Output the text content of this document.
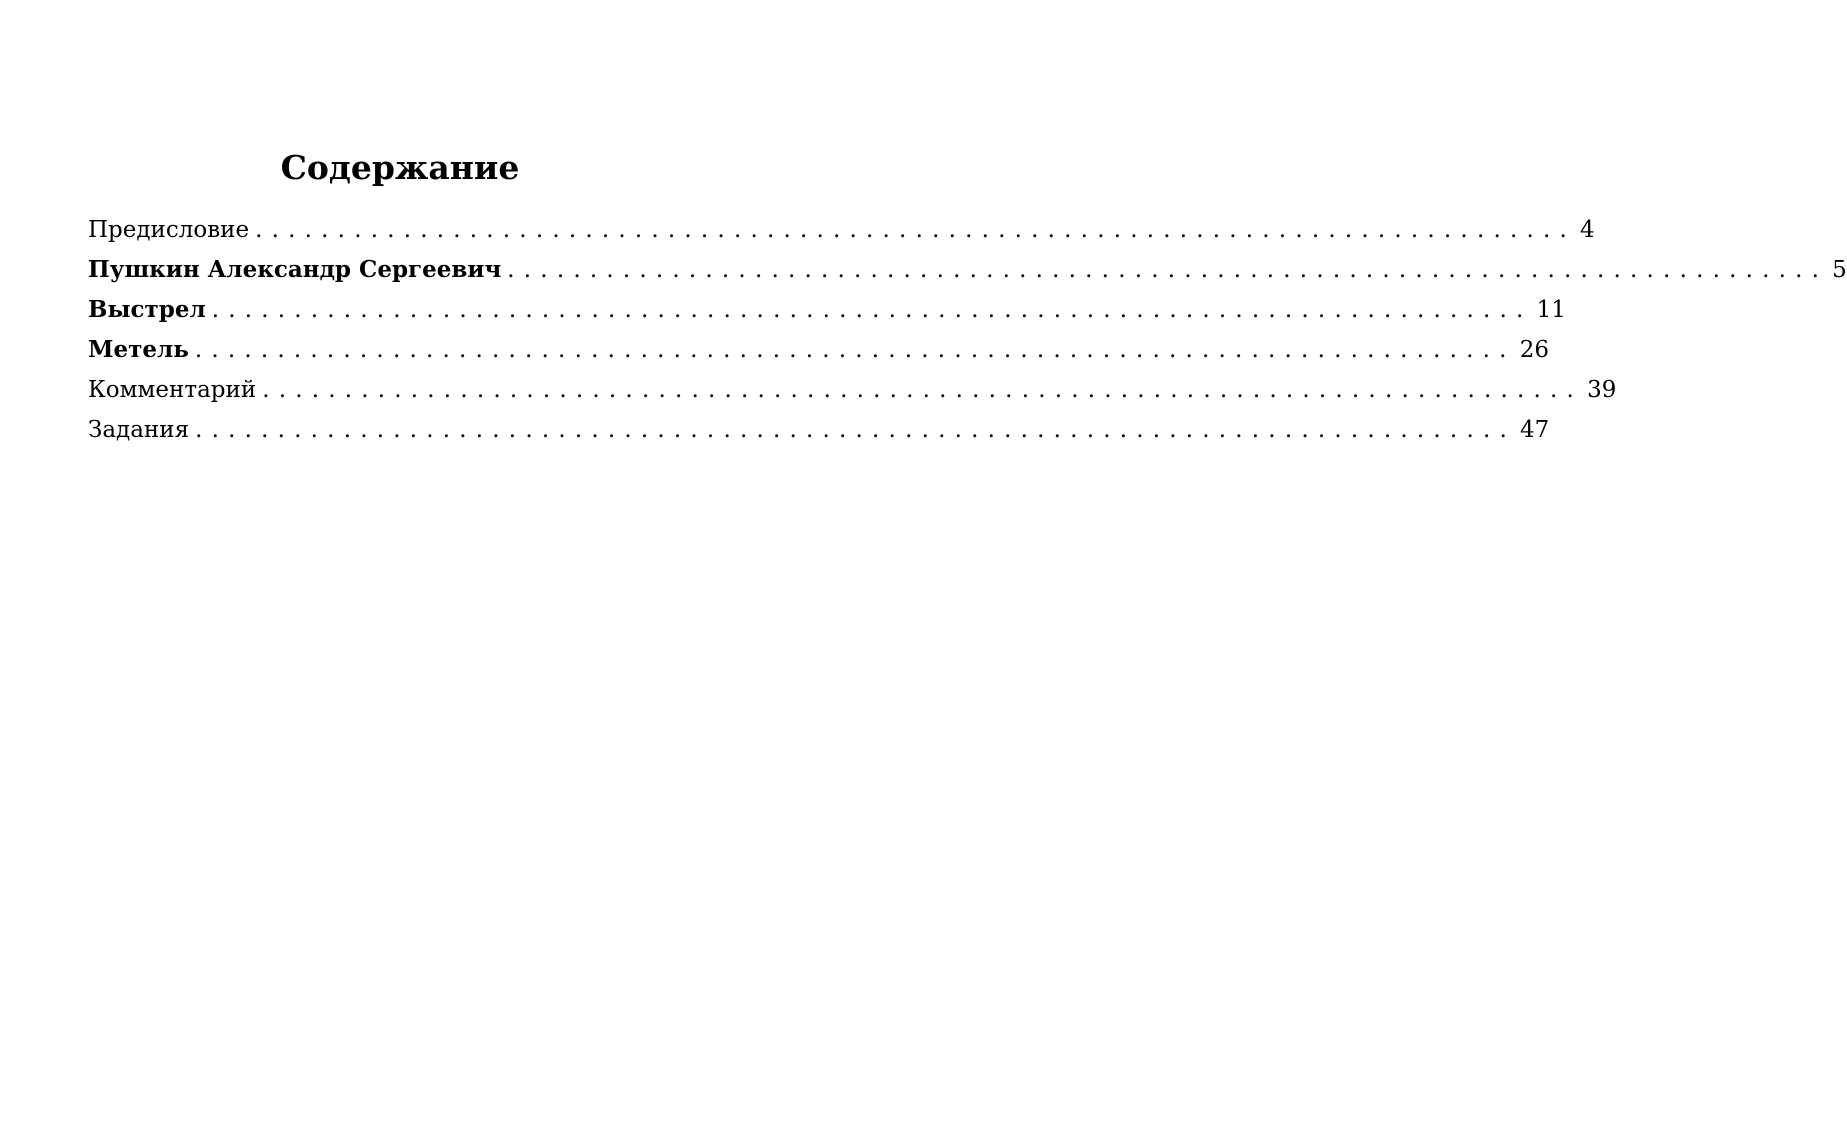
Содержание
Предисловие ................................................................................ 4
Пушкин Александр Сергеевич ................................................................................ 5
Выстрел ................................................................................ 11
Метель ................................................................................ 26
Комментарий ................................................................................ 39
Задания ................................................................................ 47
